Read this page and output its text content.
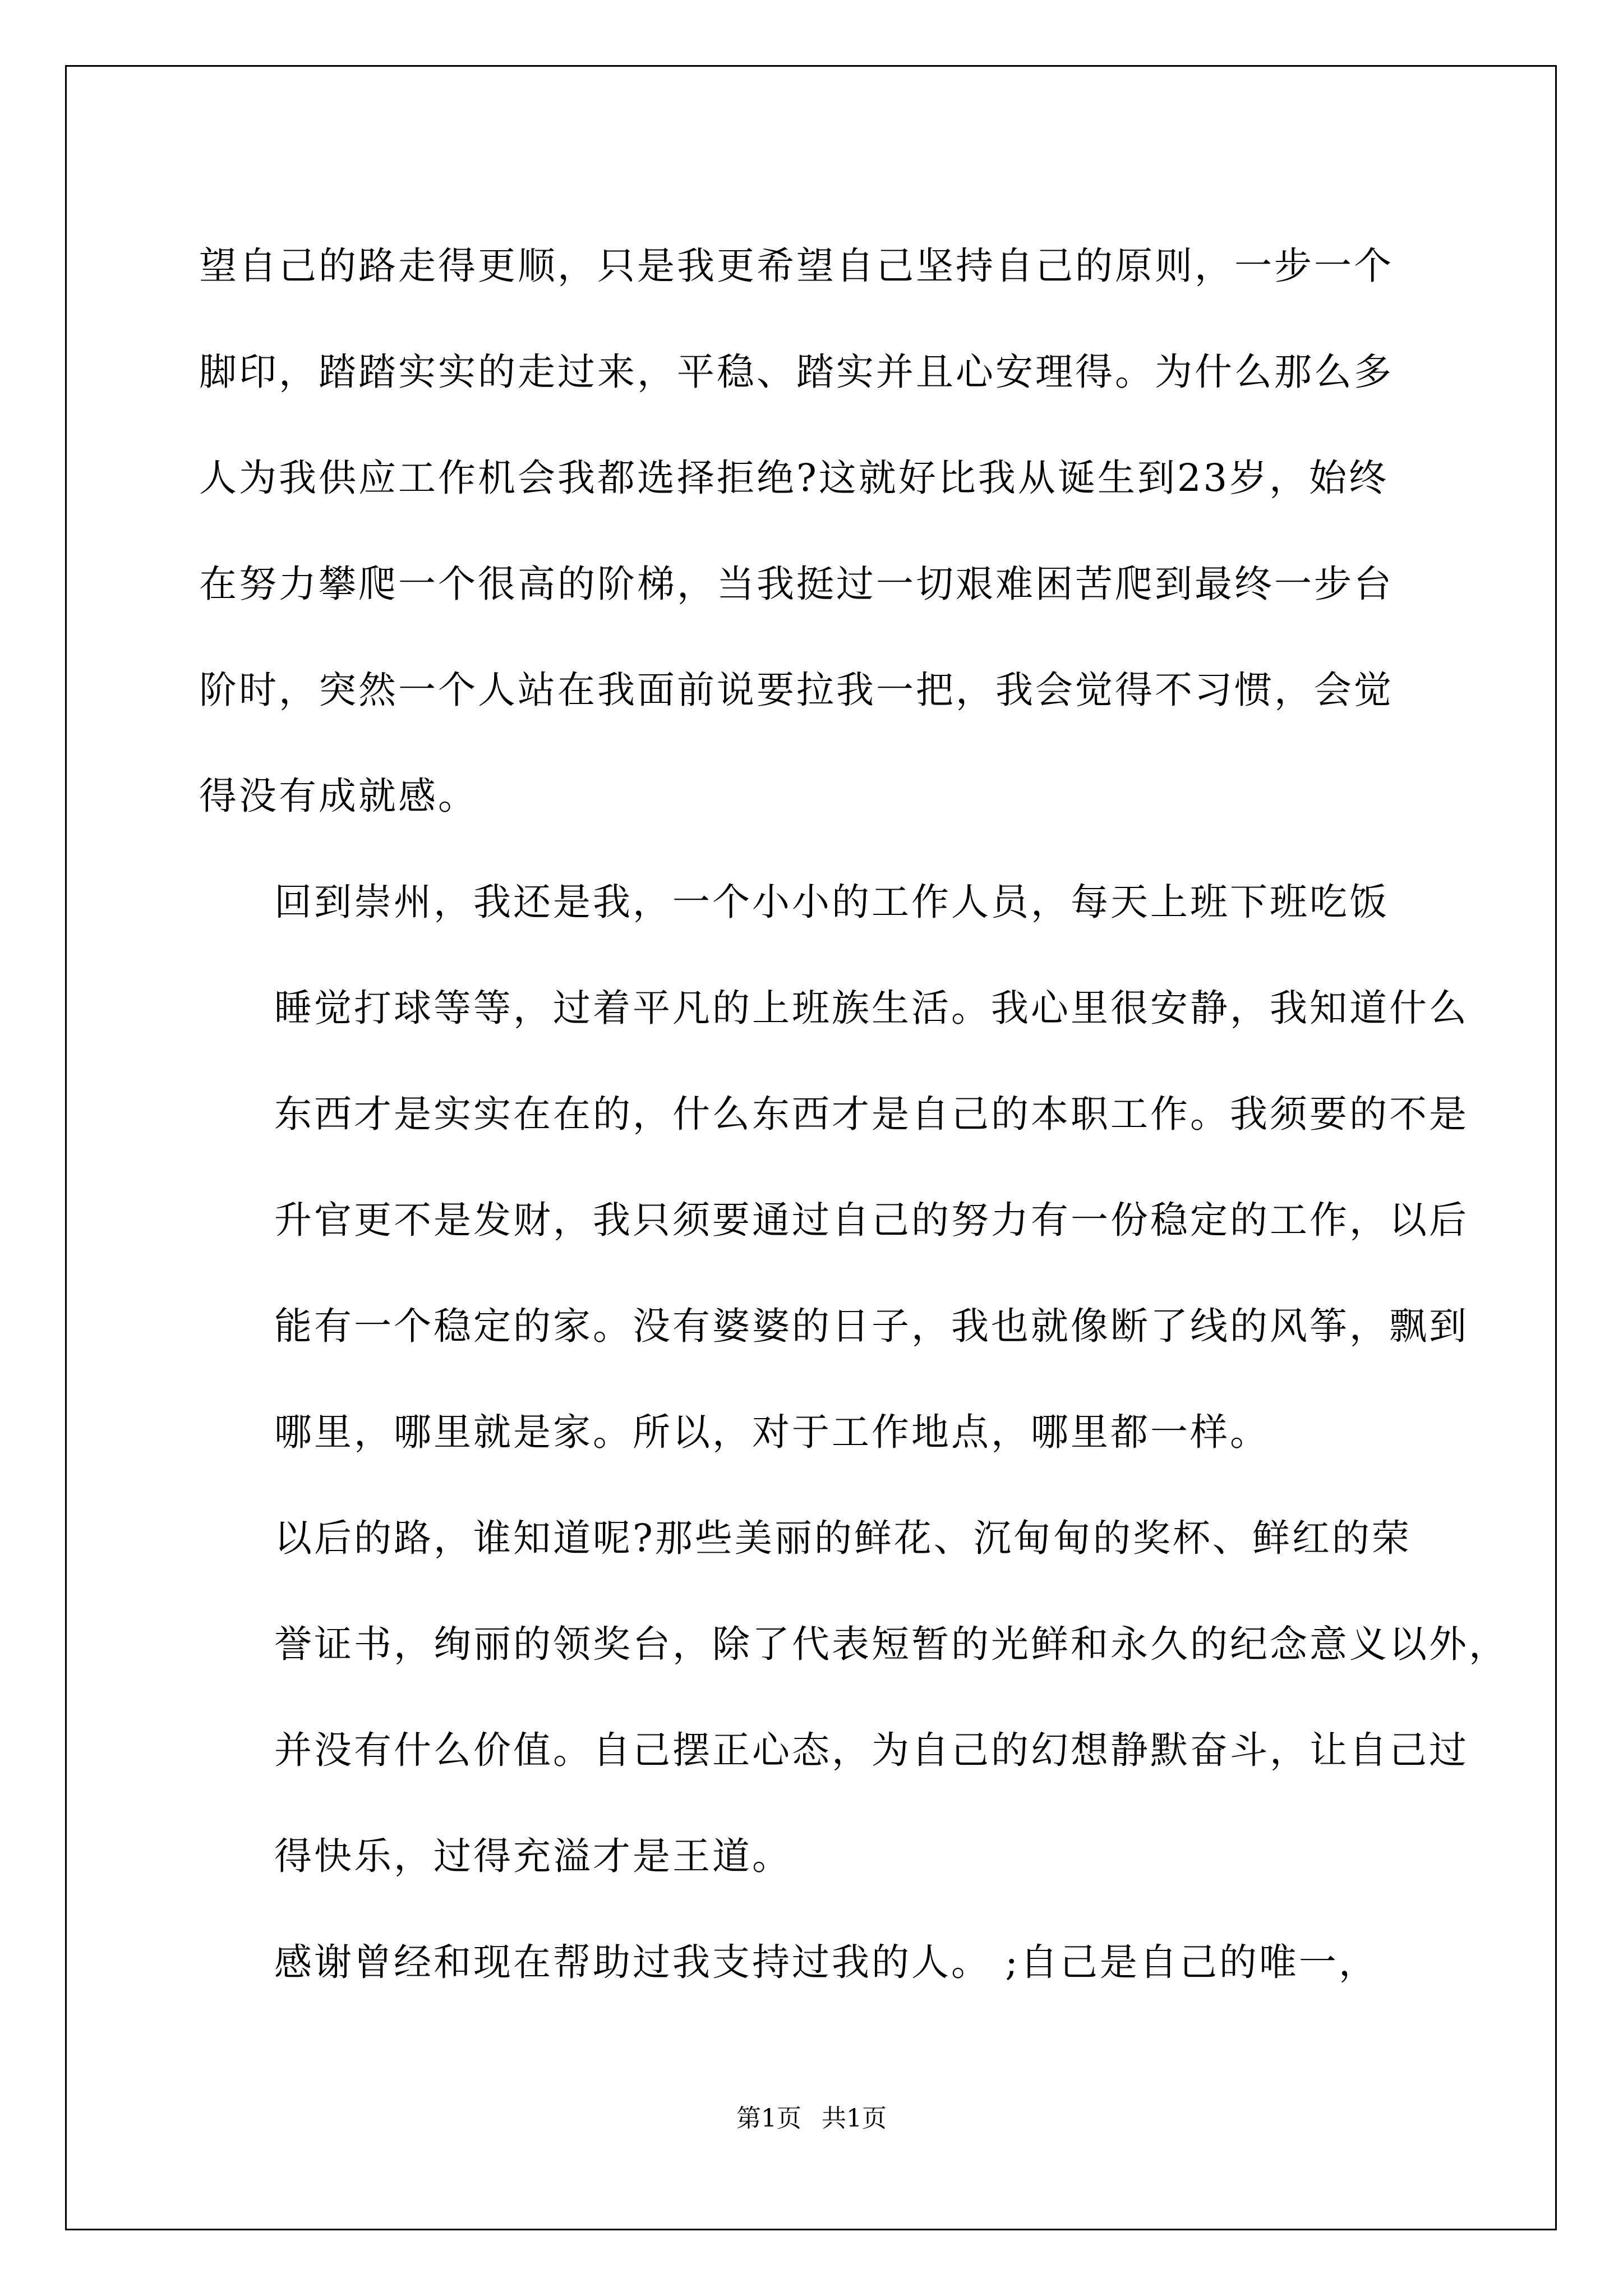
望自己的路走得更顺，只是我更希望自己坚持自己的原则，一步一个
脚印，踏踏实实的走过来，平稳、踏实并且心安理得。为什么那么多
人为我供应工作机会我都选择拒绝?这就好比我从诞生到23岁，始终
在努力攀爬一个很高的阶梯，当我挺过一切艰难困苦爬到最终一步台
阶时，突然一个人站在我面前说要拉我一把，我会觉得不习惯，会觉
得没有成就感。
回到崇州，我还是我，一个小小的工作人员，每天上班下班吃饭
睡觉打球等等，过着平凡的上班族生活。我心里很安静，我知道什么
东西才是实实在在的，什么东西才是自己的本职工作。我须要的不是
升官更不是发财，我只须要通过自己的努力有一份稳定的工作，以后
能有一个稳定的家。没有婆婆的日子，我也就像断了线的风筝，飘到
哪里，哪里就是家。所以，对于工作地点，哪里都一样。
以后的路，谁知道呢?那些美丽的鲜花、沉甸甸的奖杯、鲜红的荣
誉证书，绚丽的领奖台，除了代表短暂的光鲜和永久的纪念意义以外，
并没有什么价值。自己摆正心态，为自己的幻想静默奋斗，让自己过
得快乐，过得充溢才是王道。
感谢曾经和现在帮助过我支持过我的人。 ;自己是自己的唯一，
第1页 共1页
